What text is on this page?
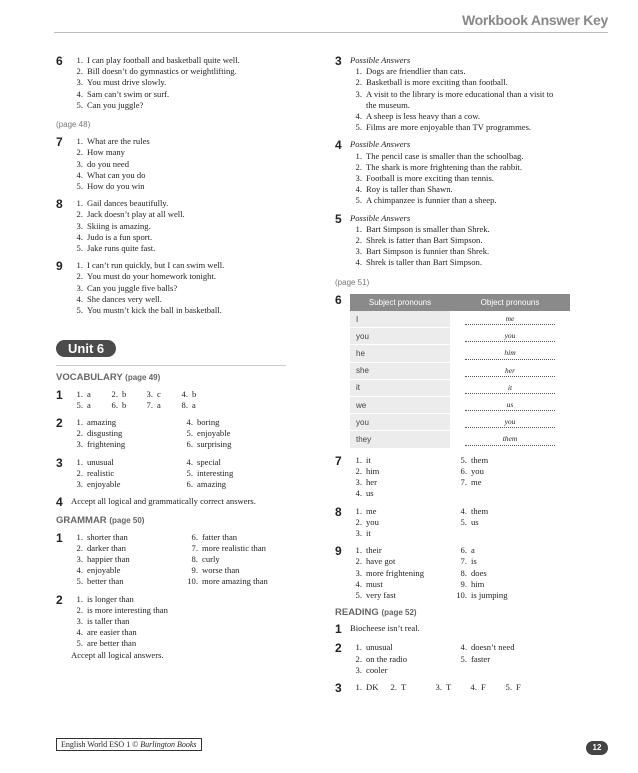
Workbook Answer Key
6	1. I can play football and basketball quite well.
2. Bill doesn’t do gymnastics or weightlifting.
3. You must drive slowly.
4. Sam can’t swim or surf.
5. Can you juggle?
(page 48)
7	1. What are the rules
2. How many
3. do you need
4. What can you do
5. How do you win
8	1. Gail dances beautifully.
2. Jack doesn’t play at all well.
3. Skiing is amazing.
4. Judo is a fun sport.
5. Jake runs quite fast.
9	1. I can’t run quickly, but I can swim well.
2. You must do your homework tonight.
3. Can you juggle five balls?
4. She dances very well.
5. You mustn’t kick the ball in basketball.
Unit 6
VOCABULARY (page 49)
1	1. a	2. b	3. c	4. b
5. a	6. b	7. a	8. a
2	1. amazing	4. boring
2. disgusting	5. enjoyable
3. frightening	6. surprising
3	1. unusual	4. special
2. realistic	5. interesting
3. enjoyable	6. amazing
4 Accept all logical and grammatically correct answers.
GRAMMAR (page 50)
1	1. shorter than	6. fatter than
2. darker than	7. more realistic than
3. happier than	8. curly
4. enjoyable	9. worse than
5. better than	10. more amazing than
2	1. is longer than
2. is more interesting than
3. is taller than
4. are easier than
5. are better than
Accept all logical answers.
3 Possible Answers
1. Dogs are friendlier than cats.
2. Basketball is more exciting than football.
3. A visit to the library is more educational than a visit to
the museum.
4. A sheep is less heavy than a cow.
5. Films are more enjoyable than TV programmes.
4 Possible Answers
1. The pencil case is smaller than the schoolbag.
2. The shark is more frightening than the rabbit.
3. Football is more exciting than tennis.
4. Roy is taller than Shawn.
5. A chimpanzee is funnier than a sheep.
5 Possible Answers
1. Bart Simpson is smaller than Shrek.
2. Shrek is fatter than Bart Simpson.
3. Bart Simpson is funnier than Shrek.
4. Shrek is taller than Bart Simpson.
(page 51)
6	Subject pronouns	Object pronouns
I	me
you	you
he	him
she	her
it	it
we	us
you	you
they	them
7	1. it	5. them
2. him	6. you
3. her	7. me
4. us
8	1. me	4. them
2. you	5. us
3. it
9	1. their	6. a
2. have got	7. is
3. more frightening	8. does
4. must	9. him
5. very fast	10. is jumping
READING (page 52)
1 Biocheese isn’t real.
2	1. unusual	4. doesn’t need
2. on the radio	5. faster
3. cooler
3	1. DK	2. T	3. T	4. F	5. F
English World ESO 1 © Burlington Books	12
